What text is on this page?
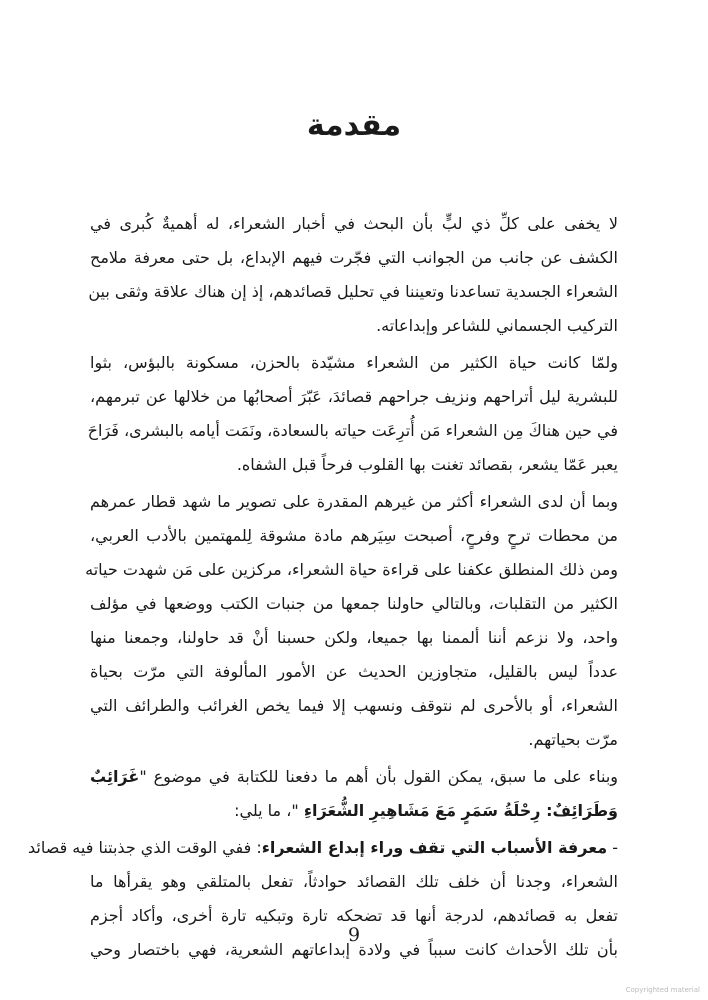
مقدمة
لا يخفى على كلِّ ذي لبٍّ بأن البحث في أخبار الشعراء، له أهميةٌ كُبرى في
الكشف عن جانب من الجوانب التي فجّرت فيهم الإبداع، بل حتى معرفة ملامح
الشعراء الجسدية تساعدنا وتعيننا في تحليل قصائدهم، إذ إن هناك علاقة وثقى بين
التركيب الجسماني للشاعر وإبداعاته.
ولمّا كانت حياة الكثير من الشعراء مشيّدة بالحزن، مسكونة بالبؤس، بثوا
للبشرية ليل أتراحهم ونزيف جراحهم قصائدَ، عَبّرَ أصحابُها من خلالها عن تبرمهم،
في حين هناكَ مِن الشعراء مَن أُترِعَت حياته بالسعادة، ونَمَت أيامه بالبشرى، فَرَاحَ
يعبر عَمّا يشعر، بقصائد تغنت بها القلوب فرحاً قبل الشفاه.
وبما أن لدى الشعراء أكثر من غيرهم المقدرة على تصوير ما شهد قطار عمرهم
من محطات ترحٍ وفرحٍ، أصبحت سِيَرهم مادة مشوقة لِلمهتمين بالأدب العربي،
ومن ذلك المنطلق عكفنا على قراءة حياة الشعراء، مركزين على مَن شهدت حياته
الكثير من التقلبات، وبالتالي حاولنا جمعها من جنبات الكتب ووضعها في مؤلف
واحد، ولا نزعم أننا ألممنا بها جميعا، ولكن حسبنا أنْ قد حاولنا، وجمعنا منها
عدداً ليس بالقليل، متجاوزين الحديث عن الأمور المألوفة التي مرّت بحياة
الشعراء، أو بالأحرى لم نتوقف ونسهب إلا فيما يخص الغرائب والطرائف التي
مرّت بحياتهم.
وبناء على ما سبق، يمكن القول بأن أهم ما دفعنا للكتابة في موضوع "غَرَائِبٌ
وَطَرَائِفٌ: رِحْلَةُ سَمَرٍ مَعَ مَشَاهِيرِ الشُّعَرَاءِ "، ما يلي:
- معرفة الأسباب التي تقف وراء إبداع الشعراء: ففي الوقت الذي جذبتنا فيه قصائد
الشعراء، وجدنا أن خلف تلك القصائد حوادثاً، تفعل بالمتلقي وهو يقرأها ما
تفعل به قصائدهم، لدرجة أنها قد تضحكه تارة وتبكيه تارة أخرى، وأكاد أجزم
بأن تلك الأحداث كانت سبباً في ولادة إبداعاتهم الشعرية، فهي باختصار وحي
9
Copyrighted material
